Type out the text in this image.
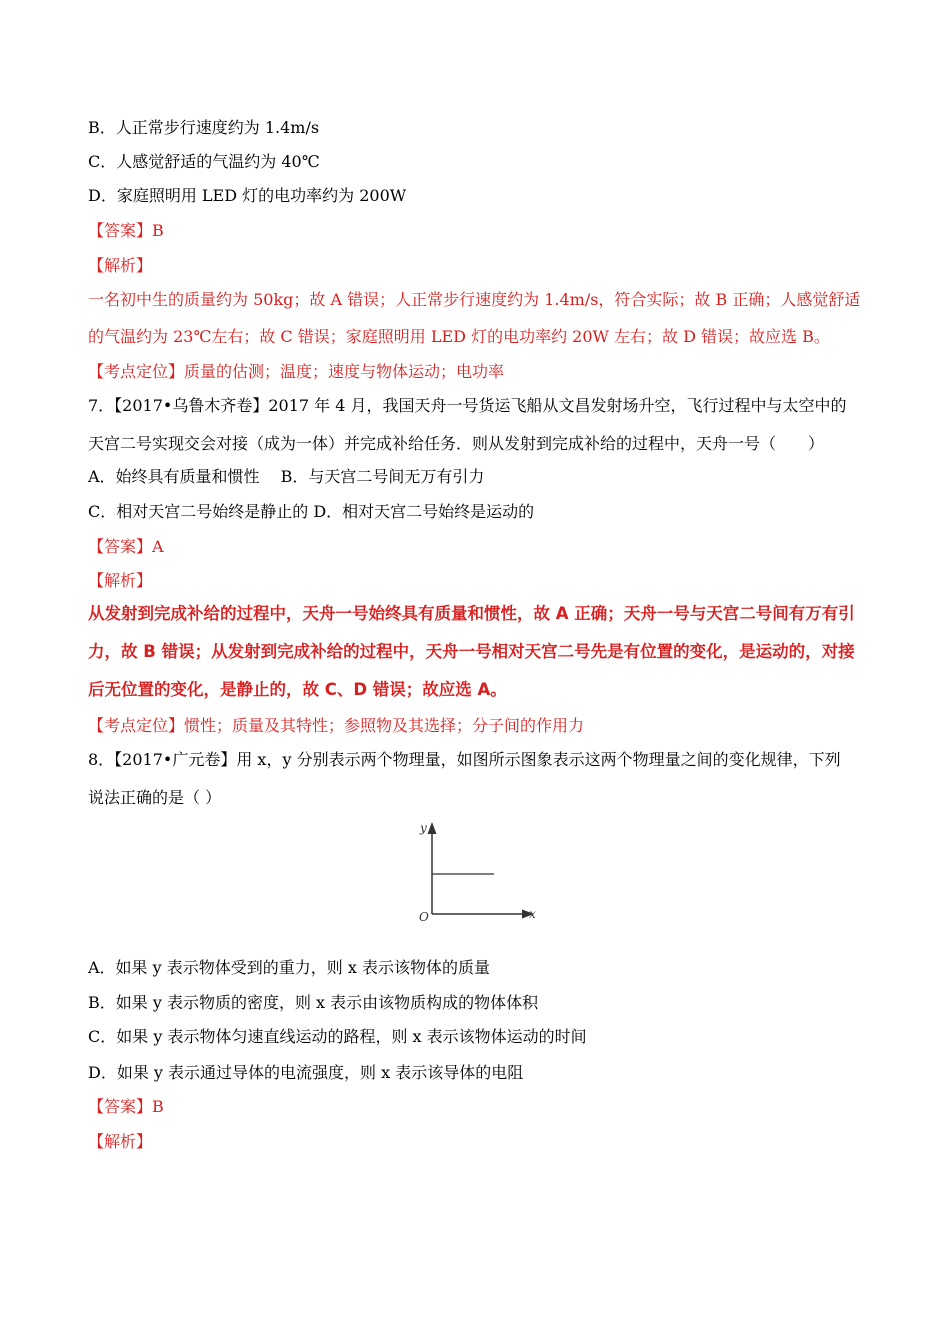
B．人正常步行速度约为 1.4m/s
C．人感觉舒适的气温约为 40℃
D．家庭照明用 LED 灯的电功率约为 200W
【答案】B
【解析】
一名初中生的质量约为 50kg；故 A 错误；人正常步行速度约为 1.4m/s，符合实际；故 B 正确；人感觉舒适
的气温约为 23℃左右；故 C 错误；家庭照明用 LED 灯的电功率约 20W 左右；故 D 错误；故应选 B。
【考点定位】质量的估测；温度；速度与物体运动；电功率
7．【2017•乌鲁木齐卷】2017 年 4 月，我国天舟一号货运飞船从文昌发射场升空，飞行过程中与太空中的
天宫二号实现交会对接（成为一体）并完成补给任务．则从发射到完成补给的过程中，天舟一号（　　）
A．始终具有质量和惯性　 B．与天宫二号间无万有引力
C．相对天宫二号始终是静止的 D．相对天宫二号始终是运动的
【答案】A
【解析】
从发射到完成补给的过程中，天舟一号始终具有质量和惯性，故 A 正确；天舟一号与天宫二号间有万有引
力，故 B 错误；从发射到完成补给的过程中，天舟一号相对天宫二号先是有位置的变化，是运动的，对接
后无位置的变化，是静止的，故 C、D 错误；故应选 A。
【考点定位】惯性；质量及其特性；参照物及其选择；分子间的作用力
8．【2017•广元卷】用 x，y 分别表示两个物理量，如图所示图象表示这两个物理量之间的变化规律，下列
说法正确的是（ ）
y
x
O
A．如果 y 表示物体受到的重力，则 x 表示该物体的质量
B．如果 y 表示物质的密度，则 x 表示由该物质构成的物体体积
C．如果 y 表示物体匀速直线运动的路程，则 x 表示该物体运动的时间
D．如果 y 表示通过导体的电流强度，则 x 表示该导体的电阻
【答案】B
【解析】
